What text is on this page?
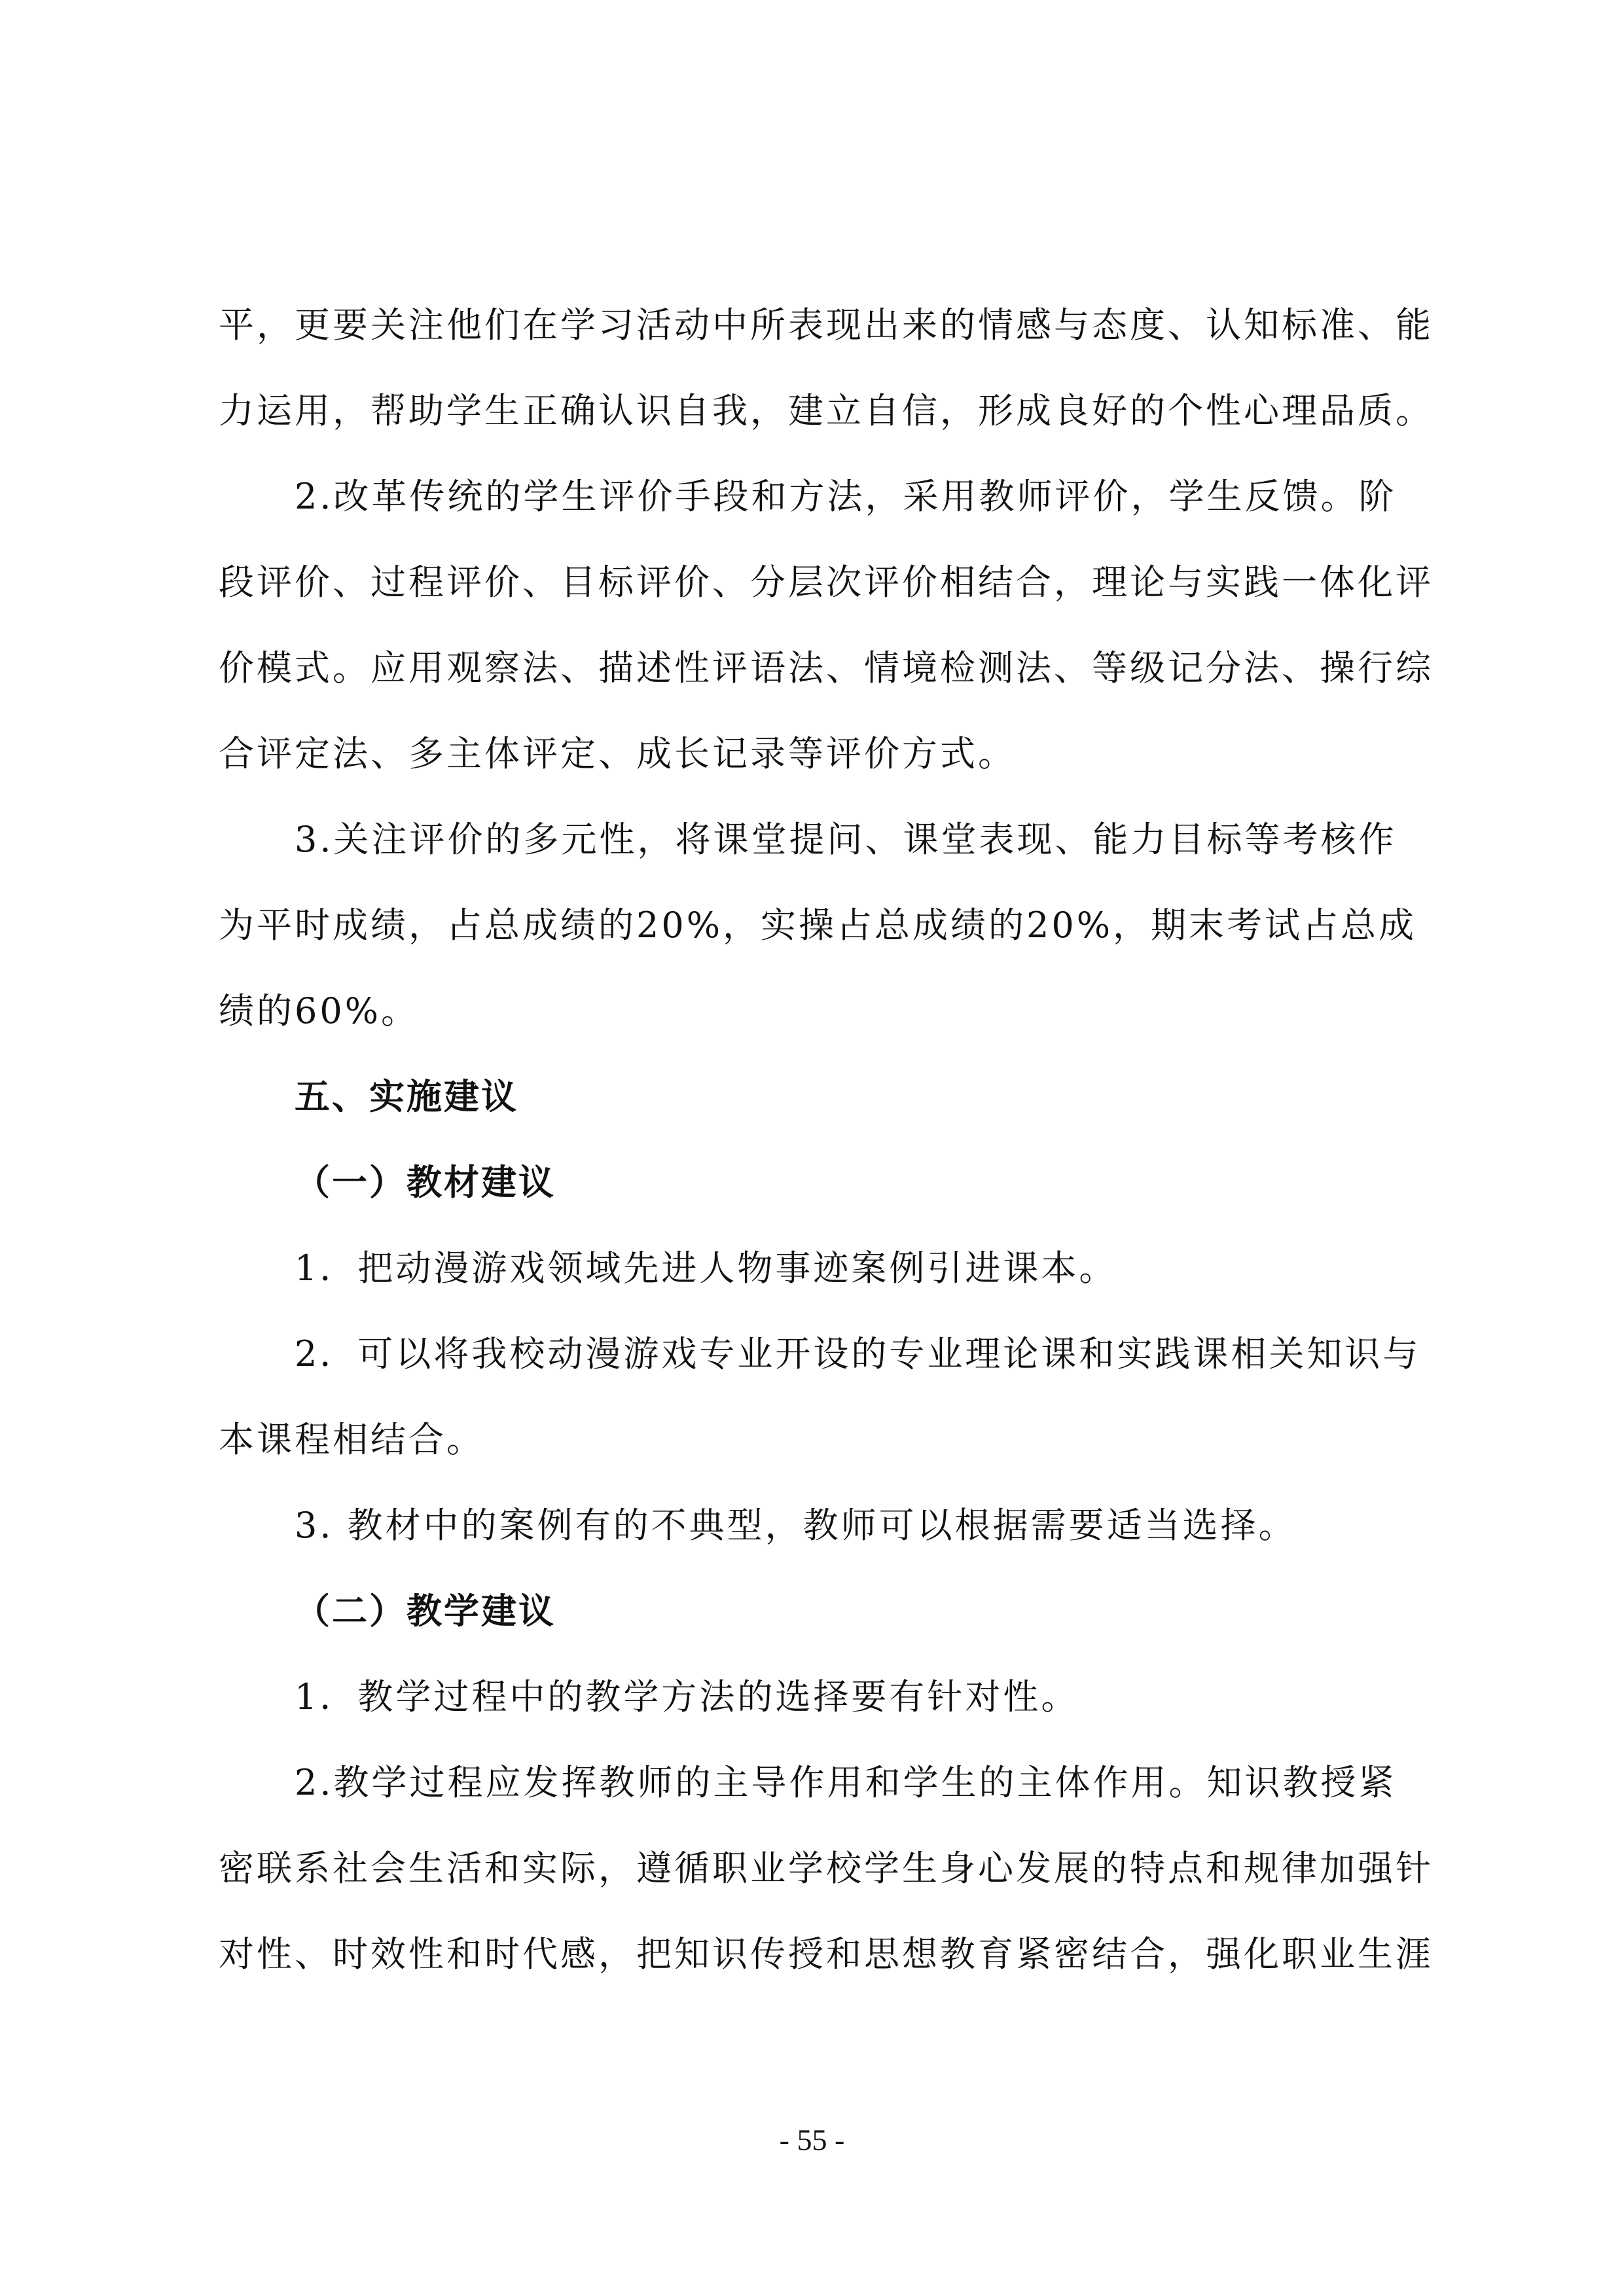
平，更要关注他们在学习活动中所表现出来的情感与态度、认知标准、能
力运用，帮助学生正确认识自我，建立自信，形成良好的个性心理品质。
2.改革传统的学生评价手段和方法，采用教师评价，学生反馈。阶
段评价、过程评价、目标评价、分层次评价相结合，理论与实践一体化评
价模式。应用观察法、描述性评语法、情境检测法、等级记分法、操行综
合评定法、多主体评定、成长记录等评价方式。
3.关注评价的多元性，将课堂提问、课堂表现、能力目标等考核作
为平时成绩，占总成绩的20%，实操占总成绩的20%，期末考试占总成
绩的60%。
五、实施建议
（一）教材建议
1．把动漫游戏领域先进人物事迹案例引进课本。
2．可以将我校动漫游戏专业开设的专业理论课和实践课相关知识与
本课程相结合。
3. 教材中的案例有的不典型，教师可以根据需要适当选择。
（二）教学建议
1．教学过程中的教学方法的选择要有针对性。
2.教学过程应发挥教师的主导作用和学生的主体作用。知识教授紧
密联系社会生活和实际，遵循职业学校学生身心发展的特点和规律加强针
对性、时效性和时代感，把知识传授和思想教育紧密结合，强化职业生涯
- 55 -
